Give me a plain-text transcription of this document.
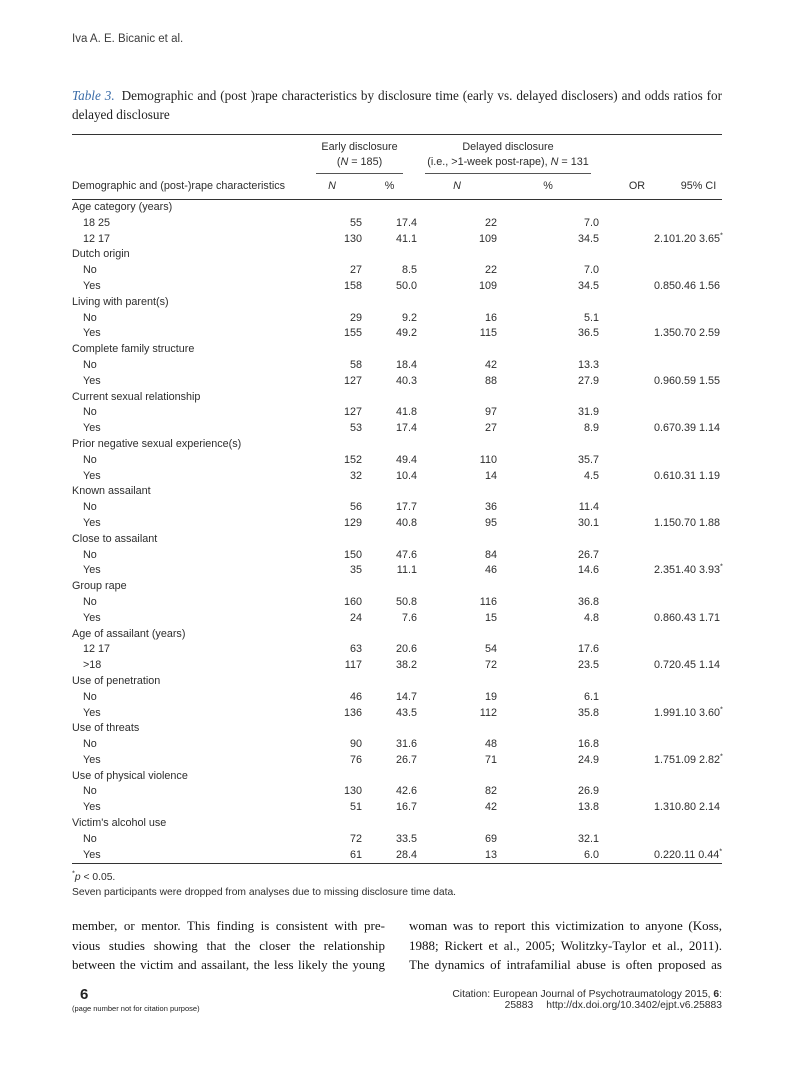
Iva A. E. Bicanic et al.

Table 3. Demographic and (post )rape characteristics by disclosure time (early vs. delayed disclosers) and odds ratios for delayed disclosure

Early disclosure
(N = 185)

Delayed disclosure
(i.e., >1-week post-rape), N = 131

Demographic and (post-)rape characteristics	N	%	N	%	OR	95% CI
Age category (years)						
18 25	55	17.4	22	7.0		
12 17	130	41.1	109	34.5	2.10	1.20 3.65*
Dutch origin						
No	27	8.5	22	7.0		
Yes	158	50.0	109	34.5	0.85	0.46 1.56
Living with parent(s)						
No	29	9.2	16	5.1		
Yes	155	49.2	115	36.5	1.35	0.70 2.59
Complete family structure						
No	58	18.4	42	13.3		
Yes	127	40.3	88	27.9	0.96	0.59 1.55
Current sexual relationship						
No	127	41.8	97	31.9		
Yes	53	17.4	27	8.9	0.67	0.39 1.14
Prior negative sexual experience(s)						
No	152	49.4	110	35.7		
Yes	32	10.4	14	4.5	0.61	0.31 1.19
Known assailant						
No	56	17.7	36	11.4		
Yes	129	40.8	95	30.1	1.15	0.70 1.88
Close to assailant						
No	150	47.6	84	26.7		
Yes	35	11.1	46	14.6	2.35	1.40 3.93*
Group rape						
No	160	50.8	116	36.8		
Yes	24	7.6	15	4.8	0.86	0.43 1.71
Age of assailant (years)						
12 17	63	20.6	54	17.6		
>18	117	38.2	72	23.5	0.72	0.45 1.14
Use of penetration						
No	46	14.7	19	6.1		
Yes	136	43.5	112	35.8	1.99	1.10 3.60*
Use of threats						
No	90	31.6	48	16.8		
Yes	76	26.7	71	24.9	1.75	1.09 2.82*
Use of physical violence						
No	130	42.6	82	26.9		
Yes	51	16.7	42	13.8	1.31	0.80 2.14
Victim's alcohol use						
No	72	33.5	69	32.1		
Yes	61	28.4	13	6.0	0.22	0.11 0.44*
*p < 0.05.
Seven participants were dropped from analyses due to missing disclosure time data.
member, or mentor. This finding is consistent with pre-
vious studies showing that the closer the relationship
between the victim and assailant, the less likely the young
woman was to report this victimization to anyone (Koss,
1988; Rickert et al., 2005; Wolitzky-Taylor et al., 2011).
The dynamics of intrafamilial abuse is often proposed as
6
(page number not for citation purpose)
Citation: European Journal of Psychotraumatology 2015, 6: 25883 http://dx.doi.org/10.3402/ejpt.v6.25883
